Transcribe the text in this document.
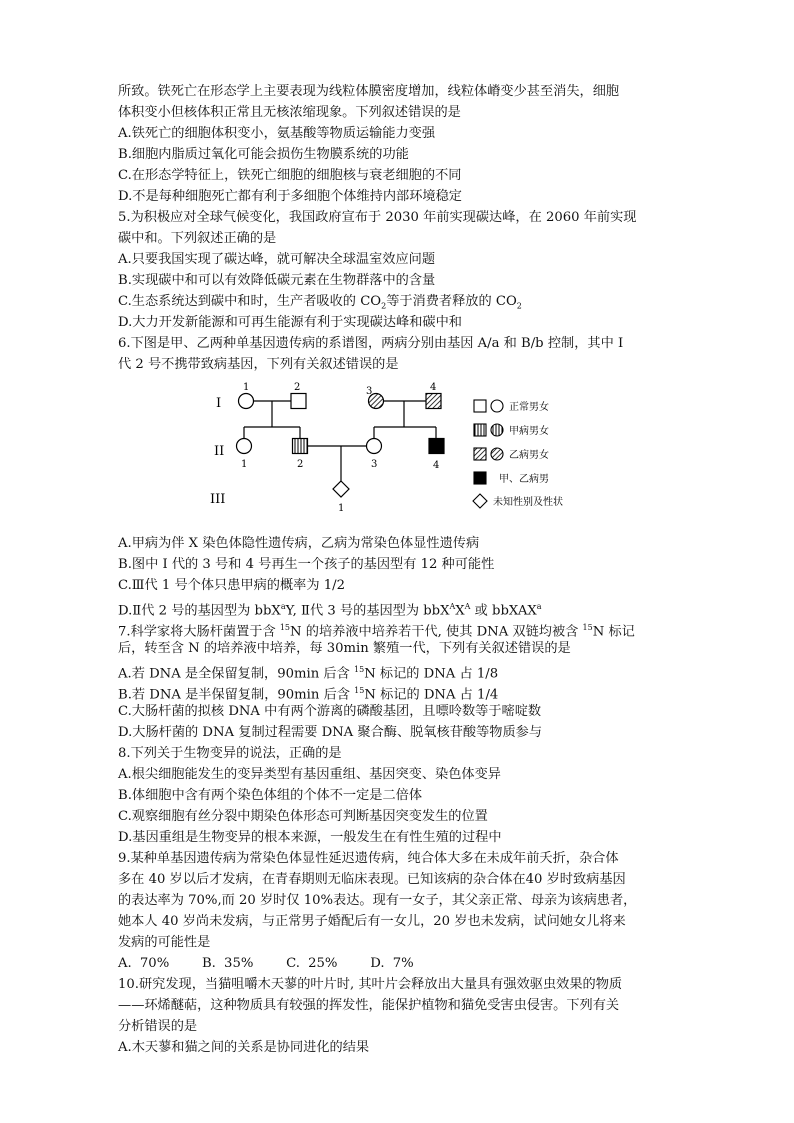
所致。铁死亡在形态学上主要表现为线粒体膜密度增加，线粒体嵴变少甚至消失，细胞
体积变小但核体积正常且无核浓缩现象。下列叙述错误的是
A.铁死亡的细胞体积变小，氨基酸等物质运输能力变强
B.细胞内脂质过氧化可能会损伤生物膜系统的功能
C.在形态学特征上，铁死亡细胞的细胞核与衰老细胞的不同
D.不是每种细胞死亡都有利于多细胞个体维持内部环境稳定
5.为积极应对全球气候变化，我国政府宣布于 2030 年前实现碳达峰，在 2060 年前实现
碳中和。下列叙述正确的是
A.只要我国实现了碳达峰，就可解决全球温室效应问题
B.实现碳中和可以有效降低碳元素在生物群落中的含量
C.生态系统达到碳中和时，生产者吸收的 $CO_2$等于消费者释放的 $CO_2$
D.大力开发新能源和可再生能源有利于实现碳达峰和碳中和
6.下图是甲、乙两种单基因遗传病的系谱图，两病分别由基因 A/a 和 B/b 控制，其中 I
代 2 号不携带致病基因，下列有关叙述错误的是
I
II
III
1	2	3	4
1	2	3	4
1
正常男女
甲病男女
乙病男女
甲、乙病男
未知性别及性状
A.甲病为伴 X 染色体隐性遗传病，乙病为常染色体显性遗传病
B.图中 I 代的 3 号和 4 号再生一个孩子的基因型有 12 种可能性
C.Ⅲ代 1 号个体只患甲病的概率为 1/2
D.Ⅱ代 2 号的基因型为 bbX$^a$Y, Ⅱ代 3 号的基因型为 $bbX^AX^A$ 或 bbXAX$^a$
7.科学家将大肠杆菌置于含 $^{15}$N 的培养液中培养若干代, 使其 DNA 双链均被含 $^{15}$N 标记
后，转至含 N 的培养液中培养，每 30min 繁殖一代，下列有关叙述错误的是
A.若 DNA 是全保留复制，90min 后含 $^{15}$N 标记的 DNA 占 1/8
B.若 DNA 是半保留复制，90min 后含 $^{15}$N 标记的 DNA 占 1/4
C.大肠杆菌的拟核 DNA 中有两个游离的磷酸基团，且嘌呤数等于嘧啶数
D.大肠杆菌的 DNA 复制过程需要 DNA 聚合酶、脱氧核苷酸等物质参与
8.下列关于生物变异的说法，正确的是
A.根尖细胞能发生的变异类型有基因重组、基因突变、染色体变异
B.体细胞中含有两个染色体组的个体不一定是二倍体
C.观察细胞有丝分裂中期染色体形态可判断基因突变发生的位置
D.基因重组是生物变异的根本来源，一般发生在有性生殖的过程中
9.某种单基因遗传病为常染色体显性延迟遗传病，纯合体大多在未成年前夭折，杂合体
多在 40 岁以后才发病，在青春期则无临床表现。已知该病的杂合体在40 岁时致病基因
的表达率为 70%,而 20 岁时仅 10%表达。现有一女子，其父亲正常、母亲为该病患者，
她本人 40 岁尚未发病，与正常男子婚配后有一女儿，20 岁也未发病，试问她女儿将来
发病的可能性是
A. 70%    B. 35%    C. 25%    D. 7%
10.研究发现，当猫咀嚼木天蓼的叶片时, 其叶片会释放出大量具有强效驱虫效果的物质
——环烯醚萜，这种物质具有较强的挥发性，能保护植物和猫免受害虫侵害。下列有关
分析错误的是
A.木天蓼和猫之间的关系是协同进化的结果
